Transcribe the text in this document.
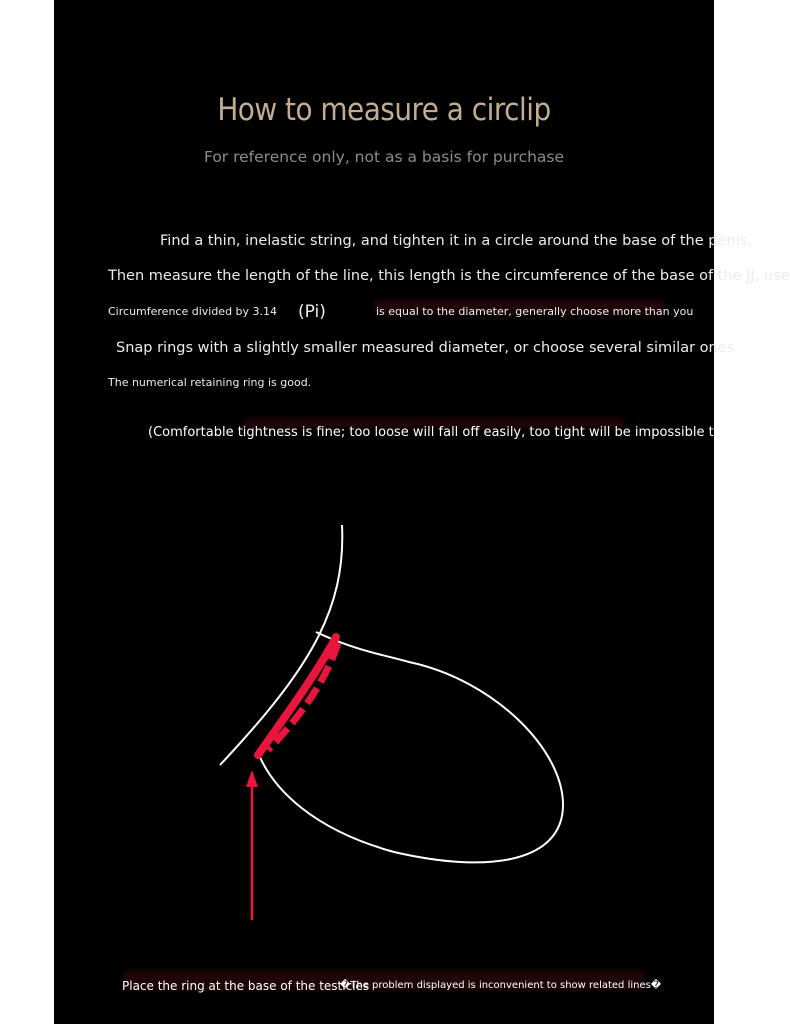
How to measure a circlip
For reference only, not as a basis for purchase
Find a thin, inelastic string, and tighten it in a circle around the base of the penis,
Then measure the length of the line, this length is the circumference of the base of the JJ, use
Circumference divided by 3.14 (Pi)	is equal to the diameter, generally choose more than you
Snap rings with a slightly smaller measured diameter, or choose several similar ones
The numerical retaining ring is good.
(Comfortable tightness is fine; too loose will fall off easily, too tight will be impossible to wear)
Place the ring at the base of the testicles
�The problem displayed is inconvenient to show related lines�
